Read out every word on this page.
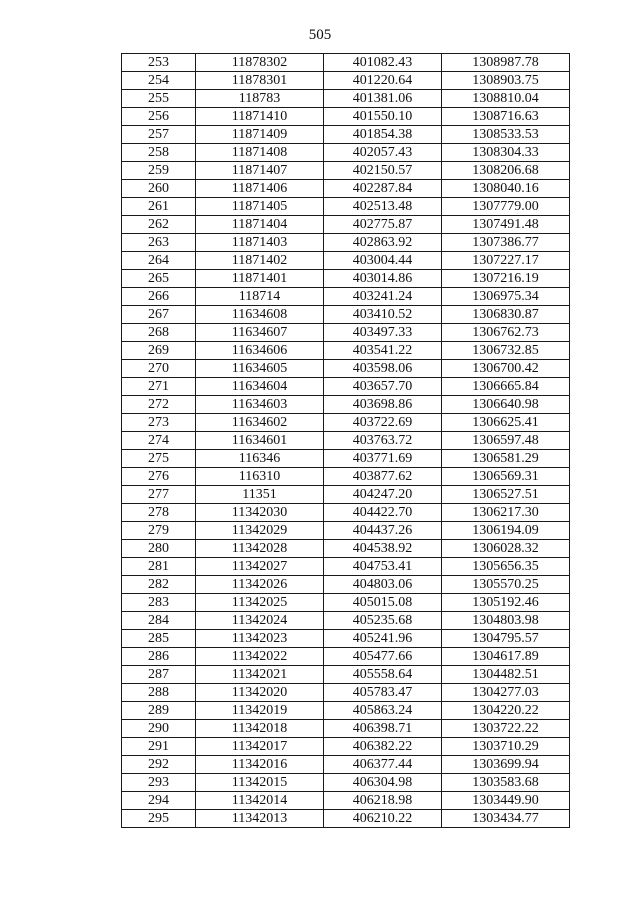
505
253	11878302	401082.43	1308987.78
254	11878301	401220.64	1308903.75
255	118783	401381.06	1308810.04
256	11871410	401550.10	1308716.63
257	11871409	401854.38	1308533.53
258	11871408	402057.43	1308304.33
259	11871407	402150.57	1308206.68
260	11871406	402287.84	1308040.16
261	11871405	402513.48	1307779.00
262	11871404	402775.87	1307491.48
263	11871403	402863.92	1307386.77
264	11871402	403004.44	1307227.17
265	11871401	403014.86	1307216.19
266	118714	403241.24	1306975.34
267	11634608	403410.52	1306830.87
268	11634607	403497.33	1306762.73
269	11634606	403541.22	1306732.85
270	11634605	403598.06	1306700.42
271	11634604	403657.70	1306665.84
272	11634603	403698.86	1306640.98
273	11634602	403722.69	1306625.41
274	11634601	403763.72	1306597.48
275	116346	403771.69	1306581.29
276	116310	403877.62	1306569.31
277	11351	404247.20	1306527.51
278	11342030	404422.70	1306217.30
279	11342029	404437.26	1306194.09
280	11342028	404538.92	1306028.32
281	11342027	404753.41	1305656.35
282	11342026	404803.06	1305570.25
283	11342025	405015.08	1305192.46
284	11342024	405235.68	1304803.98
285	11342023	405241.96	1304795.57
286	11342022	405477.66	1304617.89
287	11342021	405558.64	1304482.51
288	11342020	405783.47	1304277.03
289	11342019	405863.24	1304220.22
290	11342018	406398.71	1303722.22
291	11342017	406382.22	1303710.29
292	11342016	406377.44	1303699.94
293	11342015	406304.98	1303583.68
294	11342014	406218.98	1303449.90
295	11342013	406210.22	1303434.77
